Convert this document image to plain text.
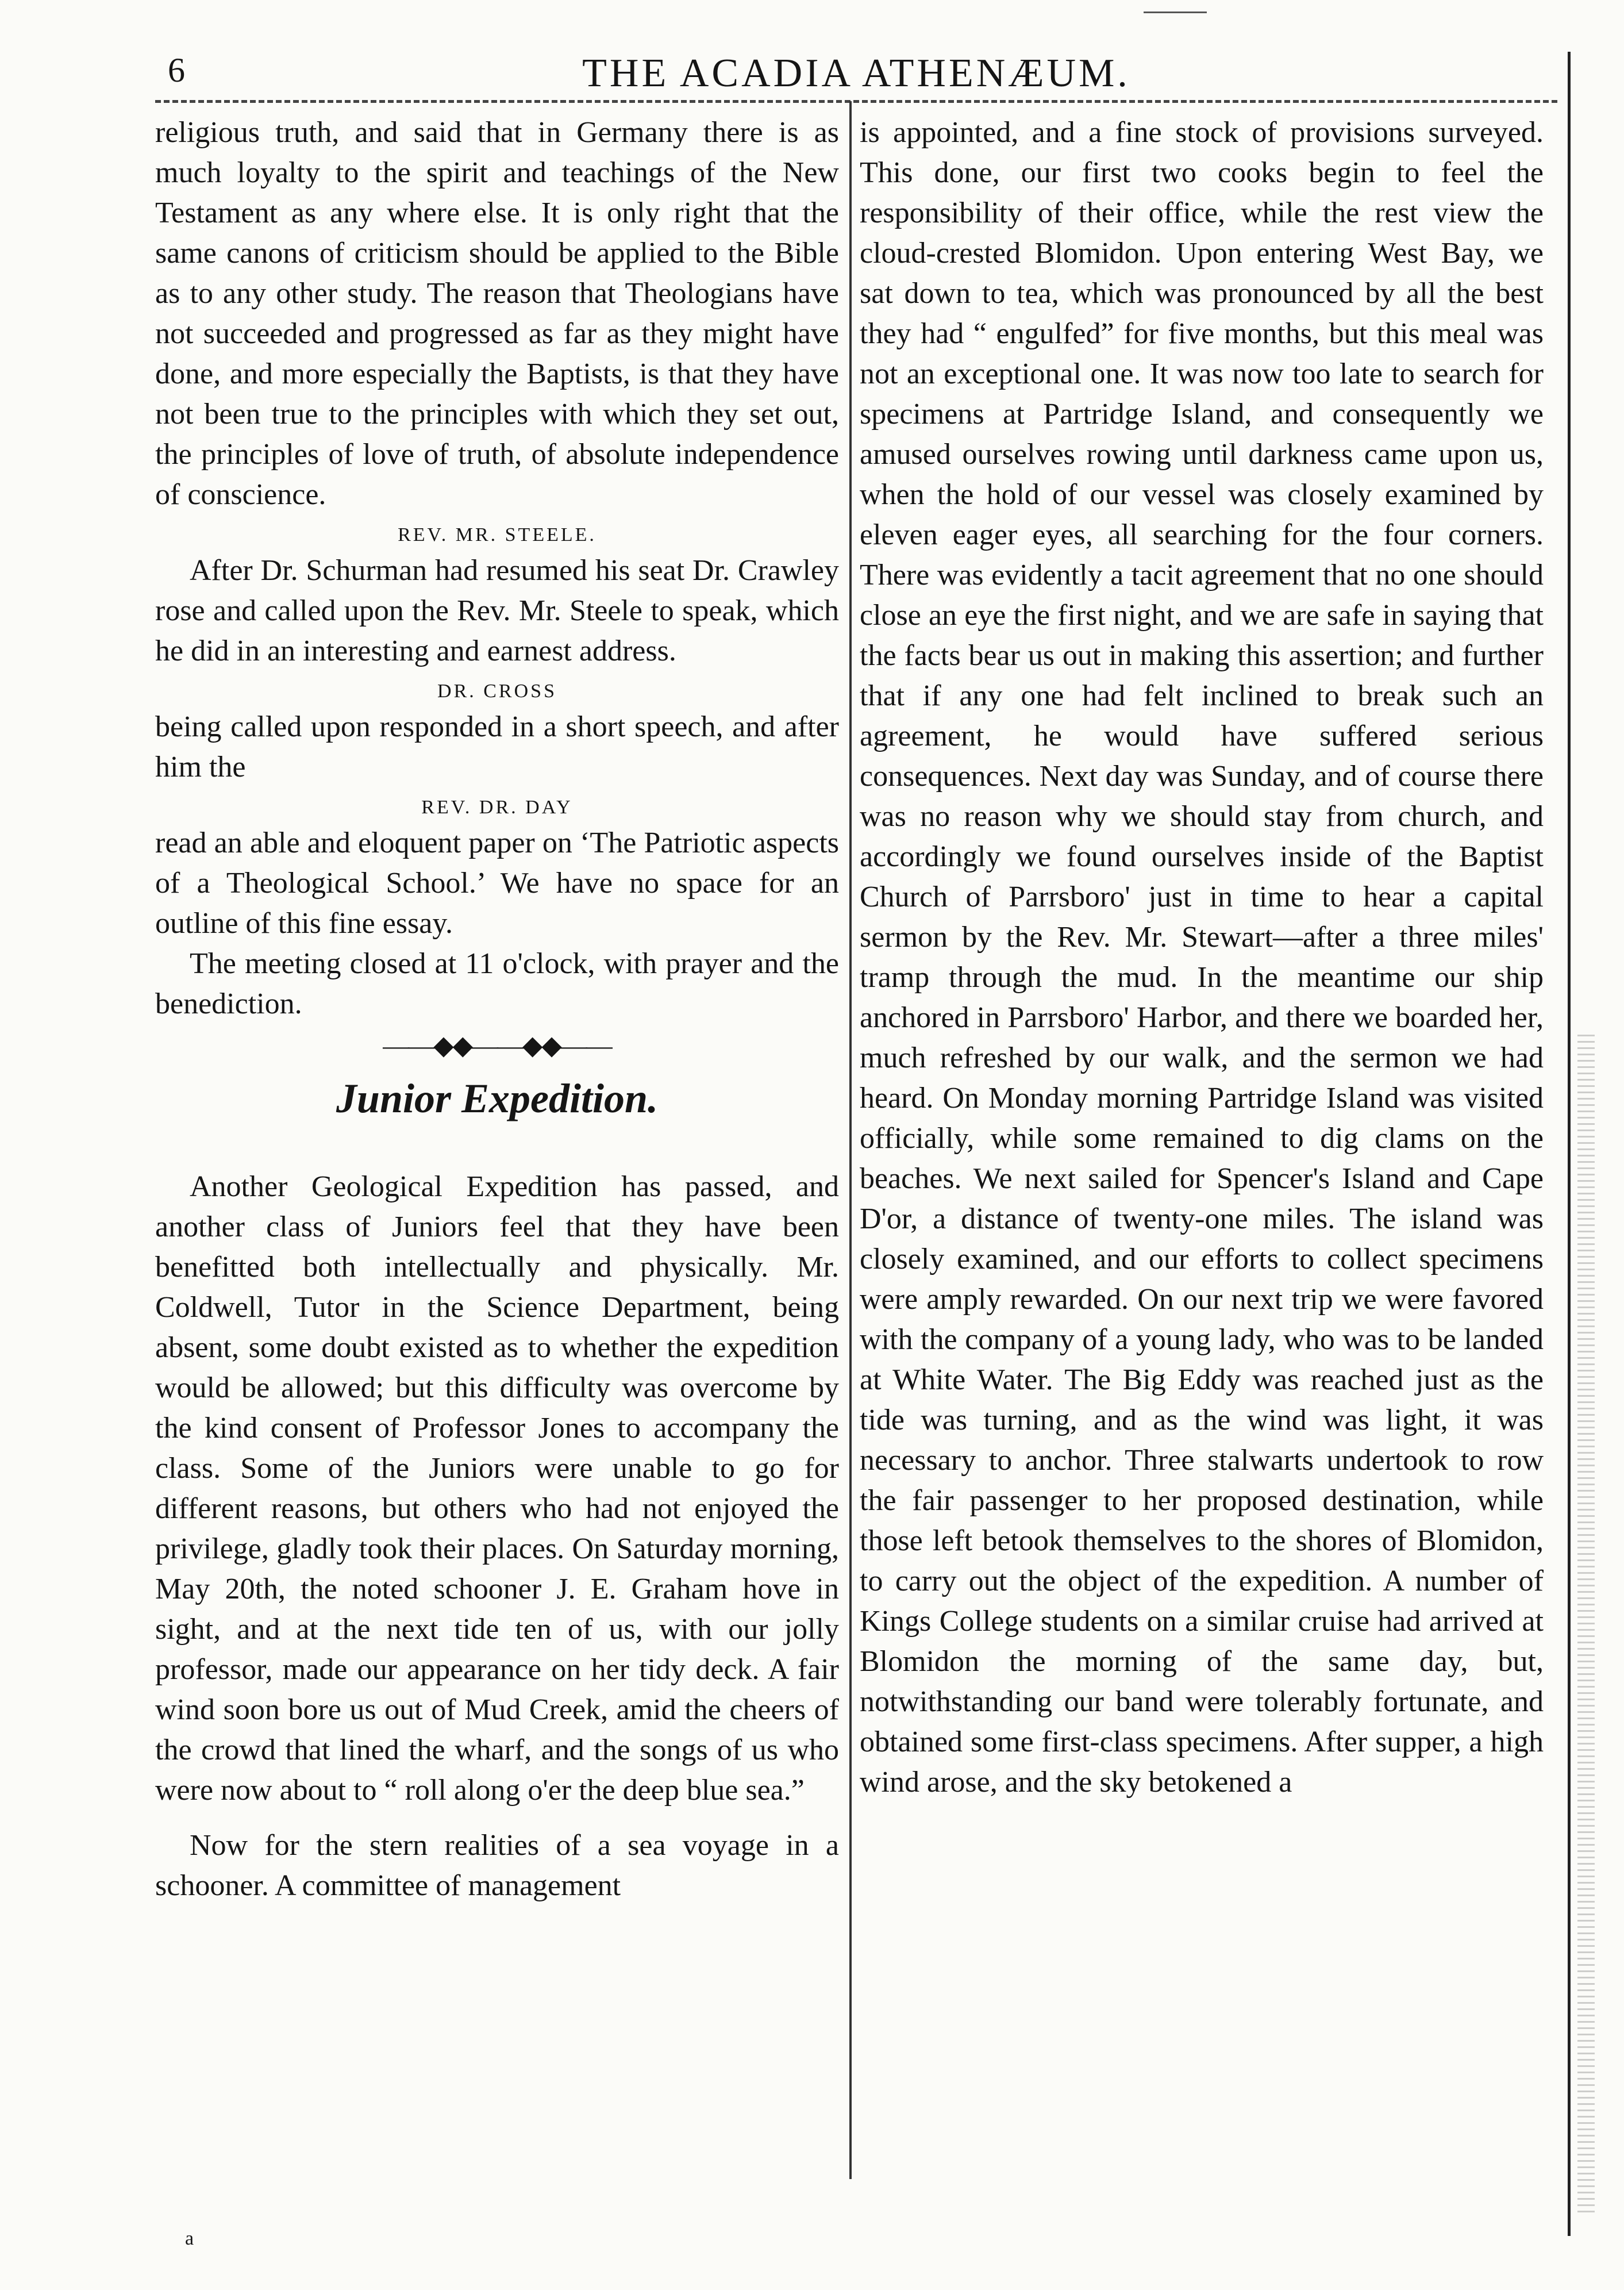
6	THE ACADIA ATHENÆUM.

religious truth, and said that in Germany there is as much loyalty to the spirit and teachings of the New Testament as any where else. It is only right that the same canons of criticism should be applied to the Bible as to any other study. The reason that Theologians have not succeeded and progressed as far as they might have done, and more especially the Baptists, is that they have not been true to the principles with which they set out, the principles of love of truth, of absolute independence of conscience.

REV. MR. STEELE.

After Dr. Schurman had resumed his seat Dr. Crawley rose and called upon the Rev. Mr. Steele to speak, which he did in an interesting and earnest address.

DR. CROSS

being called upon responded in a short speech, and after him the

REV. DR. DAY

read an able and eloquent paper on ‘The Patriotic aspects of a Theological School.’ We have no space for an outline of this fine essay.

The meeting closed at 11 o'clock, with prayer and the benediction.

——◆◆——◆◆——
Junior Expedition.

Another Geological Expedition has passed, and another class of Juniors feel that they have been benefitted both intellectually and physically. Mr. Coldwell, Tutor in the Science Department, being absent, some doubt existed as to whether the expedition would be allowed; but this difficulty was overcome by the kind consent of Professor Jones to accompany the class. Some of the Juniors were unable to go for different reasons, but others who had not enjoyed the privilege, gladly took their places. On Saturday morning, May 20th, the noted schooner J. E. Graham hove in sight, and at the next tide ten of us, with our jolly professor, made our appearance on her tidy deck. A fair wind soon bore us out of Mud Creek, amid the cheers of the crowd that lined the wharf, and the songs of us who were now about to “ roll along o'er the deep blue sea.”

Now for the stern realities of a sea voyage in a schooner. A committee of management

is appointed, and a fine stock of provisions surveyed. This done, our first two cooks begin to feel the responsibility of their office, while the rest view the cloud-crested Blomidon. Upon entering West Bay, we sat down to tea, which was pronounced by all the best they had “ engulfed” for five months, but this meal was not an exceptional one. It was now too late to search for specimens at Partridge Island, and consequently we amused ourselves rowing until darkness came upon us, when the hold of our vessel was closely examined by eleven eager eyes, all searching for the four corners. There was evidently a tacit agreement that no one should close an eye the first night, and we are safe in saying that the facts bear us out in making this assertion; and further that if any one had felt inclined to break such an agreement, he would have suffered serious consequences. Next day was Sunday, and of course there was no reason why we should stay from church, and accordingly we found ourselves inside of the Baptist Church of Parrsboro' just in time to hear a capital sermon by the Rev. Mr. Stewart—after a three miles' tramp through the mud. In the meantime our ship anchored in Parrsboro' Harbor, and there we boarded her, much refreshed by our walk, and the sermon we had heard. On Monday morning Partridge Island was visited officially, while some remained to dig clams on the beaches. We next sailed for Spencer's Island and Cape D'or, a distance of twenty-one miles. The island was closely examined, and our efforts to collect specimens were amply rewarded. On our next trip we were favored with the company of a young lady, who was to be landed at White Water. The Big Eddy was reached just as the tide was turning, and as the wind was light, it was necessary to anchor. Three stalwarts undertook to row the fair passenger to her proposed destination, while those left betook themselves to the shores of Blomidon, to carry out the object of the expedition. A number of Kings College students on a similar cruise had arrived at Blomidon the morning of the same day, but, notwithstanding our band were tolerably fortunate, and obtained some first-class specimens. After supper, a high wind arose, and the sky betokened a

a
